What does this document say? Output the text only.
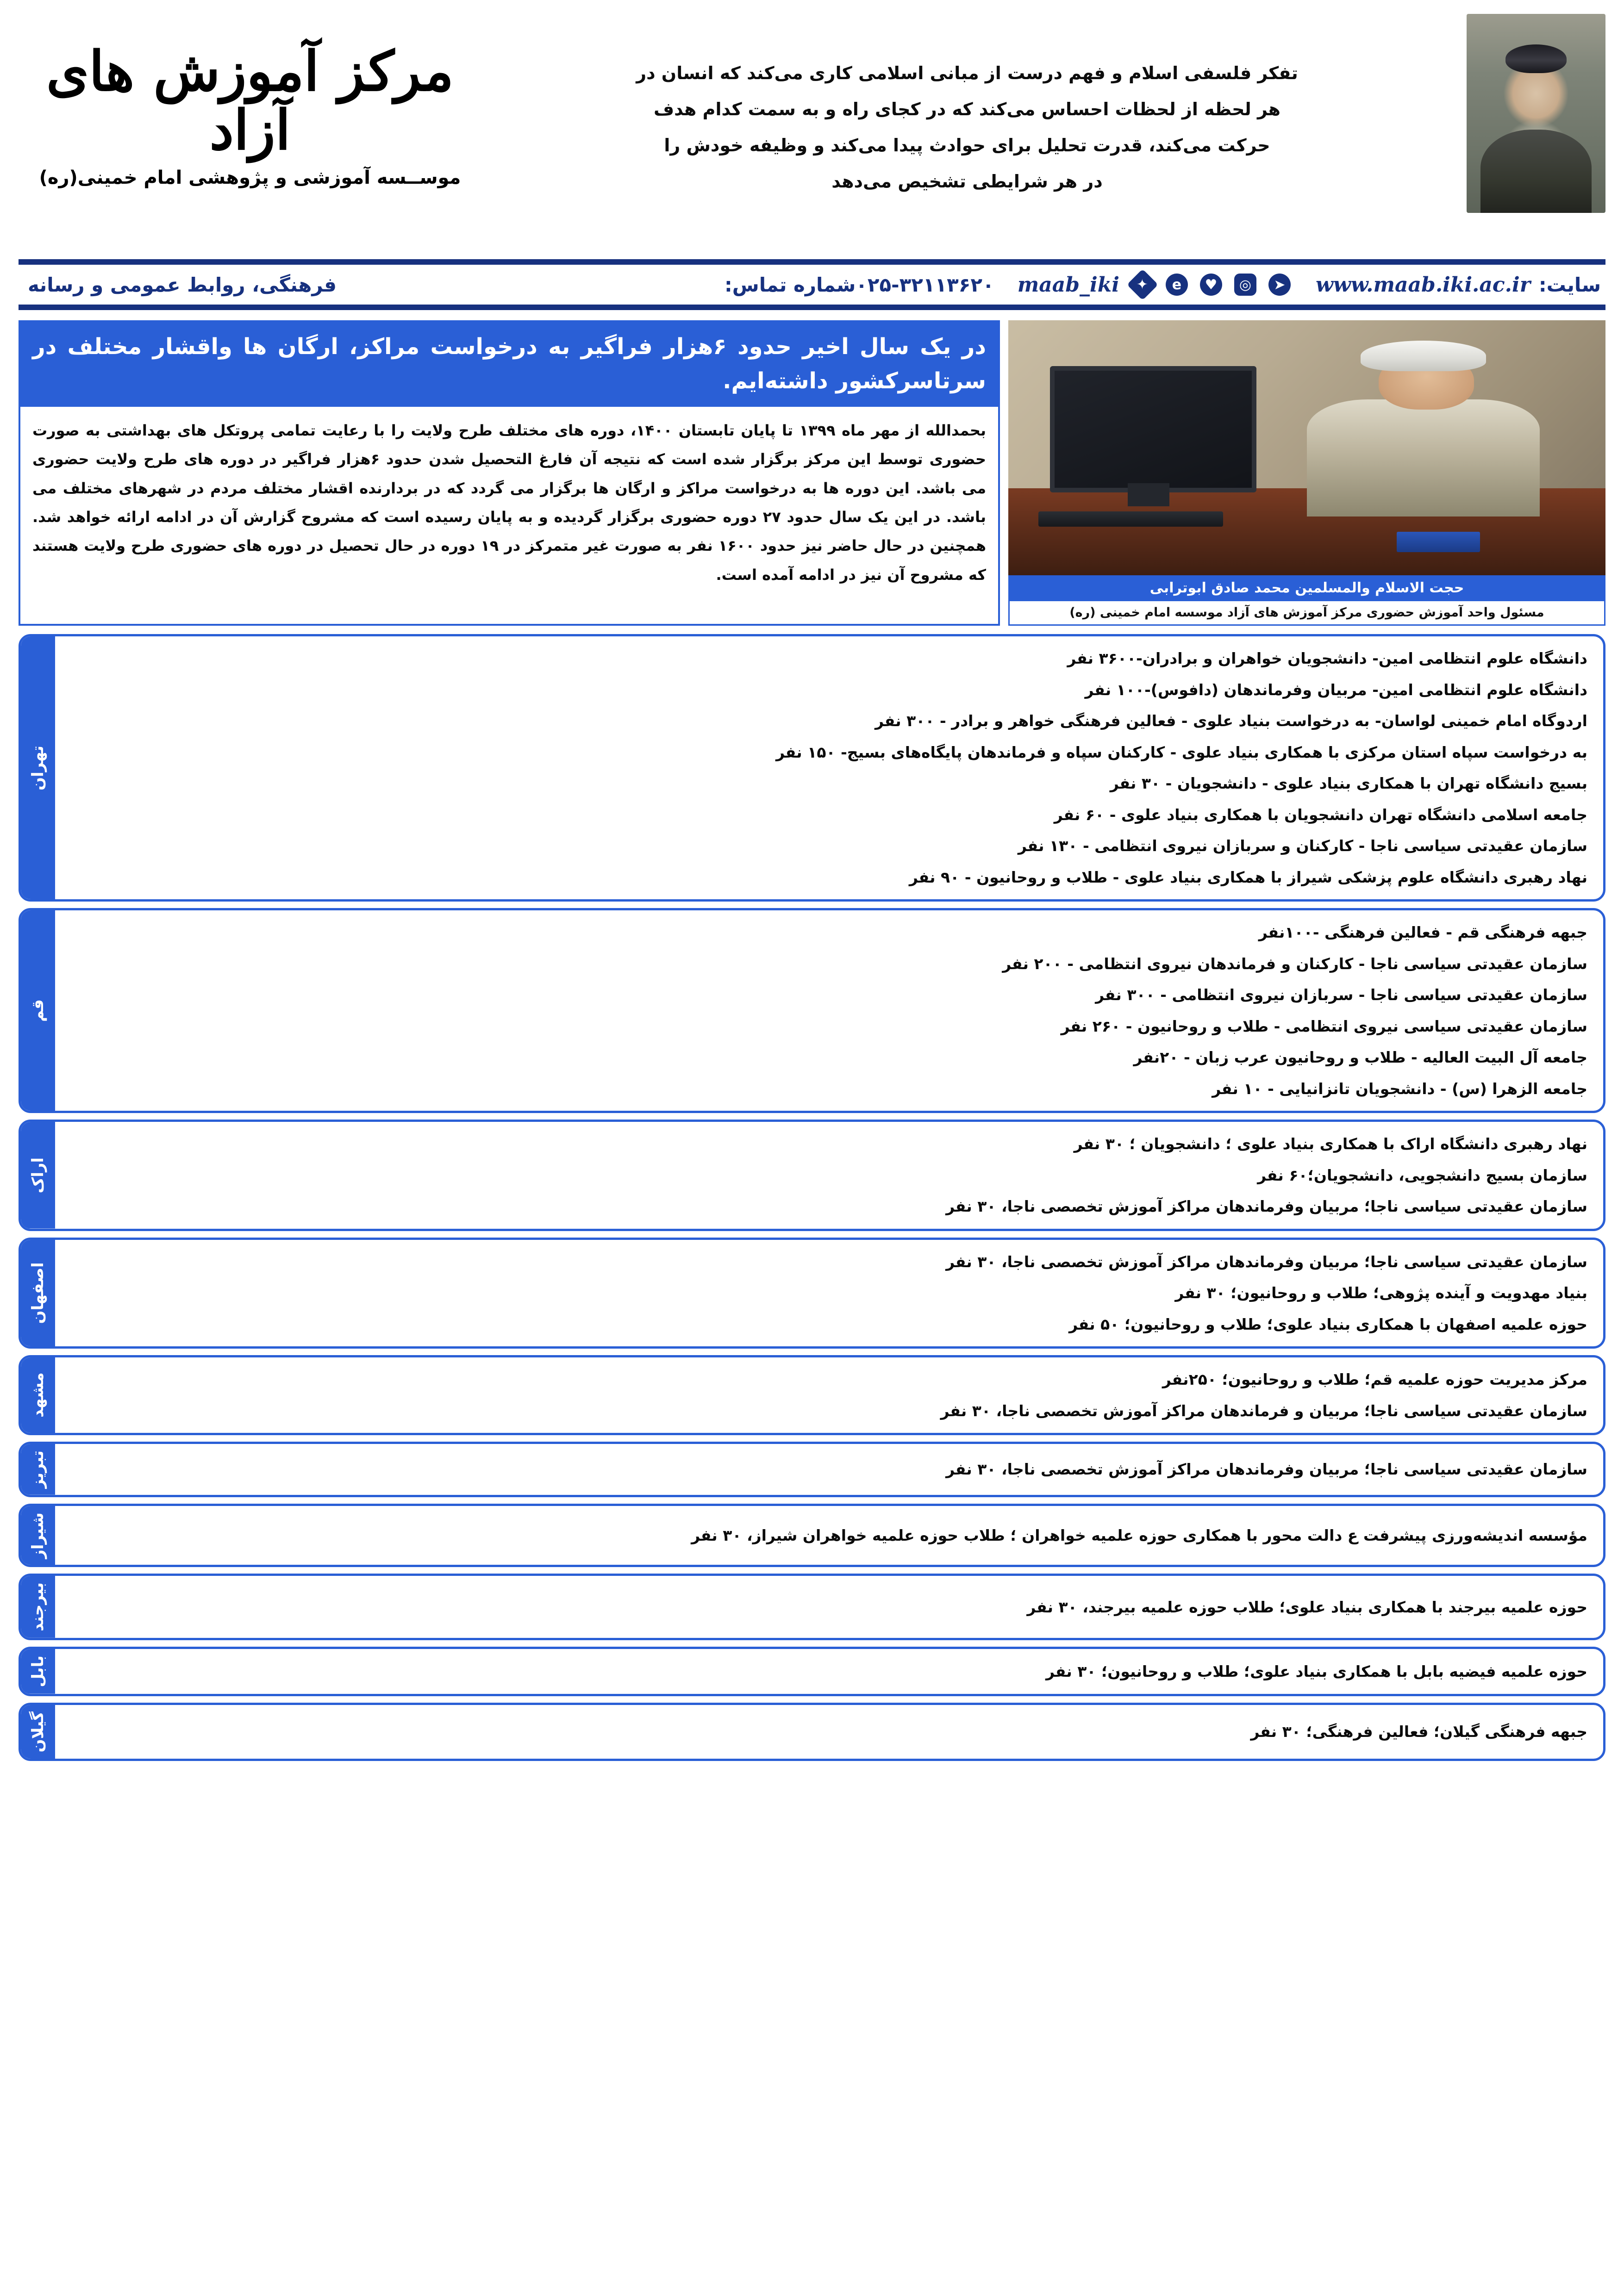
مرکز آموزش های آزاد
موســسه آموزشی و پژوهشی امام خمینی(ره)

تفکر فلسفی اسلام و فهم درست از مبانی اسلامی کاری می‌کند که انسان در

هر لحظه از لحظات احساس می‌کند که در کجای راه و به سمت کدام هدف

حرکت می‌کند، قدرت تحلیل برای حوادث پیدا می‌کند و وظیفه خودش را

در هر شرایطی تشخیص می‌دهد

سایت:
www.maab.iki.ac.ir
➤
◎
♥
e
✦
maab_iki
۰۲۵-۳۲۱۱۳۶۲۰شماره تماس:
فرهنگی، روابط عمومی و رسانه
حجت الاسلام والمسلمین محمد صادق ابوترابی
مسئول واحد آموزش حضوری مرکز آموزش های آزاد موسسه امام خمینی (ره)
در یک سال اخیر حدود ۶هزار فراگیر به درخواست مراکز، ارگان ها واقشار مختلف در سرتاسرکشور داشته‌ایم.
بحمدالله از مهر ماه ۱۳۹۹ تا پایان تابستان ۱۴۰۰، دوره های مختلف طرح ولایت را با رعایت تمامی پروتکل های بهداشتی به صورت حضوری توسط این مرکز برگزار شده است که نتیجه آن فارغ التحصیل شدن حدود ۶هزار فراگیر در دوره های طرح ولایت حضوری می باشد. این دوره ها به درخواست مراکز و ارگان ها برگزار می گردد که در بردارنده اقشار مختلف مردم در شهرهای مختلف می باشد. در این یک سال حدود ۲۷ دوره حضوری برگزار گردیده و به پایان رسیده است که مشروح گزارش آن در ادامه ارائه خواهد شد. همچنین در حال حاضر نیز حدود ۱۶۰۰ نفر به صورت غیر متمرکز در ۱۹ دوره در حال تحصیل در دوره های حضوری طرح ولایت هستند که مشروح آن نیز در ادامه آمده است.
دانشگاه علوم انتظامی امین- دانشجویان خواهران و برادران-۳۶۰۰ نفر
دانشگاه علوم انتظامی امین- مربیان وفرماندهان (دافوس)-۱۰۰ نفر
اردوگاه امام خمینی لواسان- به درخواست بنیاد علوی - فعالین فرهنگی خواهر و برادر - ۳۰۰ نفر
به درخواست سپاه استان مرکزی با همکاری بنیاد علوی - کارکنان سپاه و فرماندهان پایگاه‌های بسیج- ۱۵۰ نفر
بسیج دانشگاه تهران با همکاری بنیاد علوی - دانشجویان - ۳۰ نفر
جامعه اسلامی دانشگاه تهران دانشجویان با همکاری بنیاد علوی - ۶۰ نفر
سازمان عقیدتی سیاسی ناجا - کارکنان و سربازان نیروی انتظامی - ۱۳۰ نفر
نهاد رهبری دانشگاه علوم پزشکی شیراز با همکاری بنیاد علوی - طلاب و روحانیون - ۹۰ نفر
تهران
جبهه فرهنگی قم - فعالین فرهنگی -۱۰۰نفر
سازمان عقیدتی سیاسی ناجا - کارکنان و فرماندهان نیروی انتظامی - ۲۰۰ نفر
سازمان عقیدتی سیاسی ناجا - سربازان نیروی انتظامی - ۳۰۰ نفر
سازمان عقیدتی سیاسی نیروی انتظامی - طلاب و روحانیون - ۲۶۰ نفر
جامعه آل البیت العالیه - طلاب و روحانیون عرب زبان - ۲۰نفر
جامعه الزهرا (س) - دانشجویان تانزانیایی - ۱۰ نفر
قم
نهاد رهبری دانشگاه اراک با همکاری بنیاد علوی ؛ دانشجویان ؛ ۳۰ نفر
سازمان بسیج دانشجویی، دانشجویان؛۶۰ نفر
سازمان عقیدتی سیاسی ناجا؛ مربیان وفرماندهان مراکز آموزش تخصصی ناجا، ۳۰ نفر
اراک
سازمان عقیدتی سیاسی ناجا؛ مربیان وفرماندهان مراکز آموزش تخصصی ناجا، ۳۰ نفر
بنیاد مهدویت و آینده پژوهی؛ طلاب و روحانیون؛ ۳۰ نفر
حوزه علمیه اصفهان با همکاری بنیاد علوی؛ طلاب و روحانیون؛ ۵۰ نفر
اصفهان
مرکز مدیریت حوزه علمیه قم؛ طلاب و روحانیون؛ ۲۵۰نفر
سازمان عقیدتی سیاسی ناجا؛ مربیان و فرماندهان مراکز آموزش تخصصی ناجا، ۳۰ نفر
مشهد
سازمان عقیدتی سیاسی ناجا؛ مربیان وفرماندهان مراکز آموزش تخصصی ناجا، ۳۰ نفر
تبریز
مؤسسه اندیشه‌ورزی پیشرفت ع دالت محور با همکاری حوزه علمیه خواهران ؛ طلاب حوزه علمیه خواهران شیراز، ۳۰ نفر
شیراز
حوزه علمیه بیرجند با همکاری بنیاد علوی؛ طلاب حوزه علمیه بیرجند، ۳۰ نفر
بیرجند
حوزه علمیه فیضیه بابل با همکاری بنیاد علوی؛ طلاب و روحانیون؛ ۳۰ نفر
بابل
جبهه فرهنگی گیلان؛ فعالین فرهنگی؛ ۳۰ نفر
گیلان
